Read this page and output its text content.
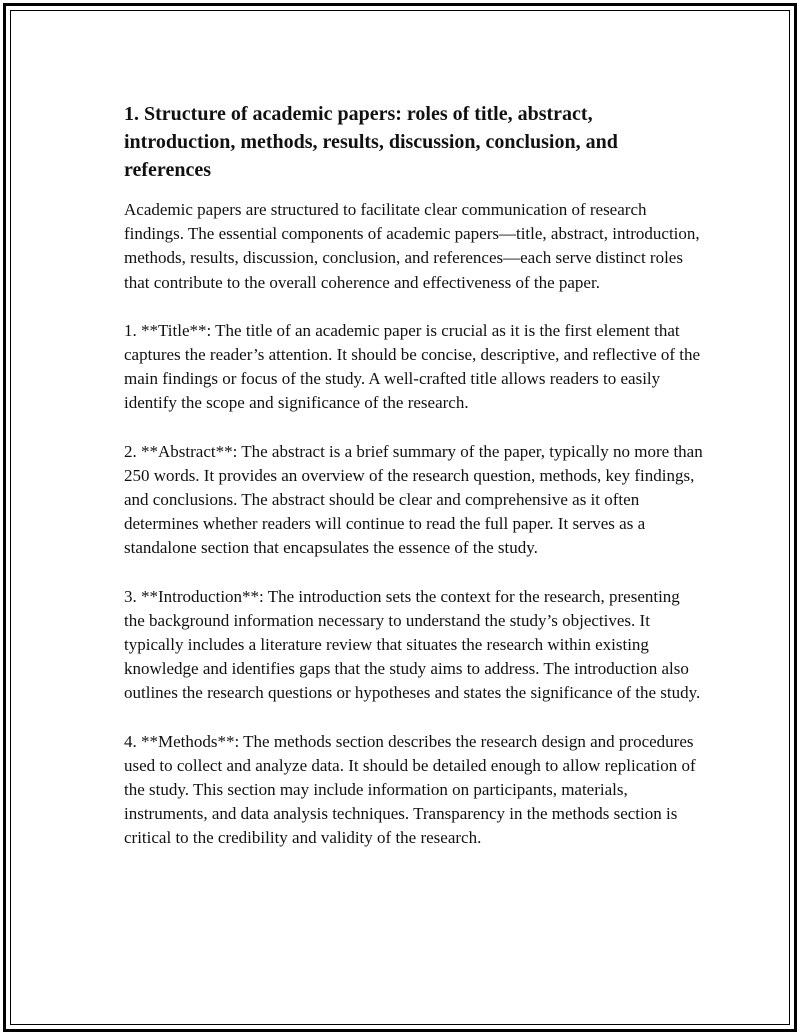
1. Structure of academic papers: roles of title, abstract, introduction, methods, results, discussion, conclusion, and references

Academic papers are structured to facilitate clear communication of research findings. The essential components of academic papers—title, abstract, introduction, methods, results, discussion, conclusion, and references—each serve distinct roles that contribute to the overall coherence and effectiveness of the paper.

1. **Title**: The title of an academic paper is crucial as it is the first element that captures the reader’s attention. It should be concise, descriptive, and reflective of the main findings or focus of the study. A well-crafted title allows readers to easily identify the scope and significance of the research.

2. **Abstract**: The abstract is a brief summary of the paper, typically no more than 250 words. It provides an overview of the research question, methods, key findings, and conclusions. The abstract should be clear and comprehensive as it often determines whether readers will continue to read the full paper. It serves as a standalone section that encapsulates the essence of the study.

3. **Introduction**: The introduction sets the context for the research, presenting the background information necessary to understand the study’s objectives. It typically includes a literature review that situates the research within existing knowledge and identifies gaps that the study aims to address. The introduction also outlines the research questions or hypotheses and states the significance of the study.

4. **Methods**: The methods section describes the research design and procedures used to collect and analyze data. It should be detailed enough to allow replication of the study. This section may include information on participants, materials, instruments, and data analysis techniques. Transparency in the methods section is critical to the credibility and validity of the research.
